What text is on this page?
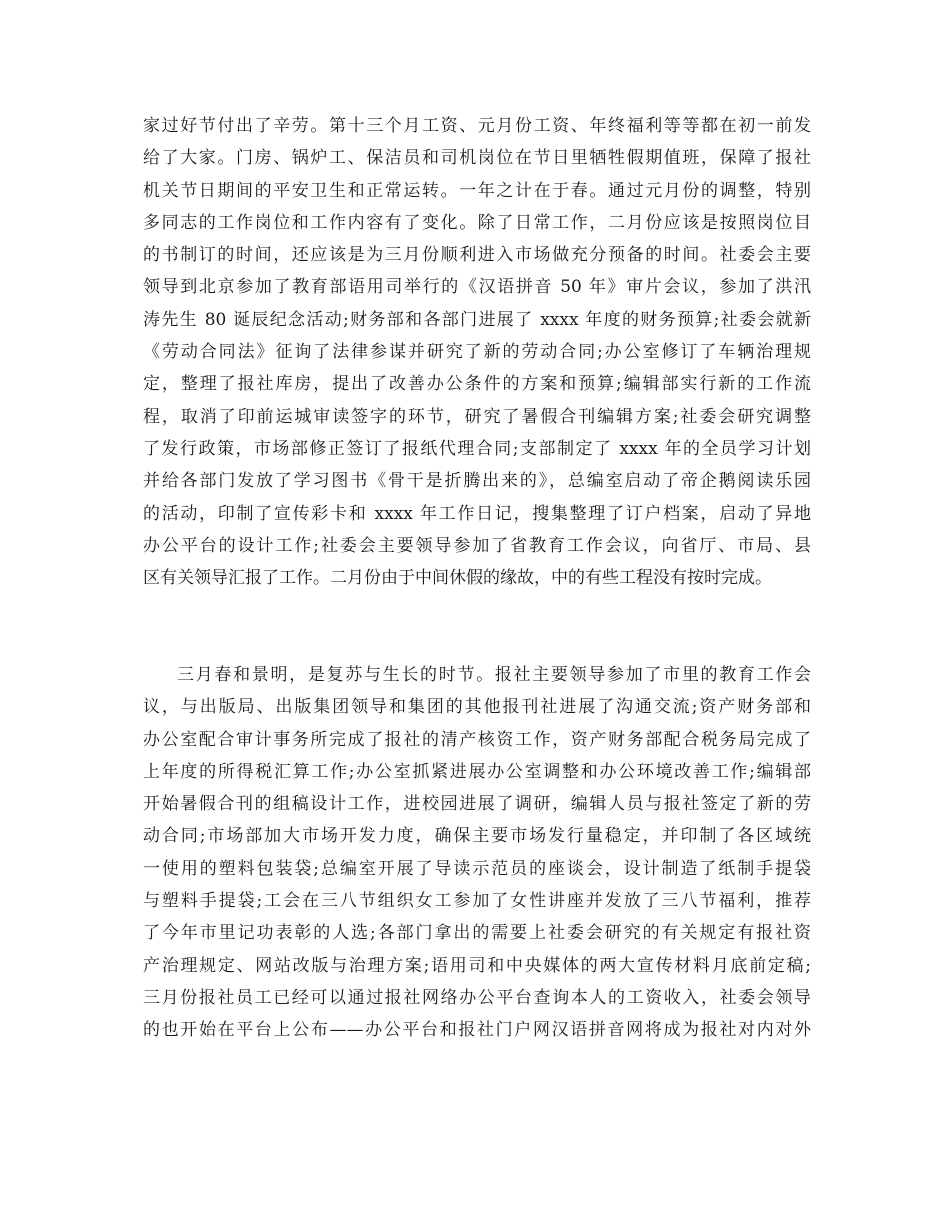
家过好节付出了辛劳。第十三个月工资、元月份工资、年终福利等等都在初一前发
给了大家。门房、锅炉工、保洁员和司机岗位在节日里牺牲假期值班，保障了报社
机关节日期间的平安卫生和正常运转。一年之计在于春。通过元月份的调整，特别
多同志的工作岗位和工作内容有了变化。除了日常工作，二月份应该是按照岗位目
的书制订的时间，还应该是为三月份顺利进入市场做充分预备的时间。社委会主要
领导到北京参加了教育部语用司举行的《汉语拼音 50 年》审片会议，参加了洪汛
涛先生 80 诞辰纪念活动;财务部和各部门进展了 xxxx 年度的财务预算;社委会就新
《劳动合同法》征询了法律参谋并研究了新的劳动合同;办公室修订了车辆治理规
定，整理了报社库房，提出了改善办公条件的方案和预算;编辑部实行新的工作流
程，取消了印前运城审读签字的环节，研究了暑假合刊编辑方案;社委会研究调整
了发行政策，市场部修正签订了报纸代理合同;支部制定了 xxxx 年的全员学习计划
并给各部门发放了学习图书《骨干是折腾出来的》，总编室启动了帝企鹅阅读乐园
的活动，印制了宣传彩卡和 xxxx 年工作日记，搜集整理了订户档案，启动了异地
办公平台的设计工作;社委会主要领导参加了省教育工作会议，向省厅、市局、县
区有关领导汇报了工作。二月份由于中间休假的缘故，中的有些工程没有按时完成。
三月春和景明，是复苏与生长的时节。报社主要领导参加了市里的教育工作会
议，与出版局、出版集团领导和集团的其他报刊社进展了沟通交流;资产财务部和
办公室配合审计事务所完成了报社的清产核资工作，资产财务部配合税务局完成了
上年度的所得税汇算工作;办公室抓紧进展办公室调整和办公环境改善工作;编辑部
开始暑假合刊的组稿设计工作，进校园进展了调研，编辑人员与报社签定了新的劳
动合同;市场部加大市场开发力度，确保主要市场发行量稳定，并印制了各区域统
一使用的塑料包装袋;总编室开展了导读示范员的座谈会，设计制造了纸制手提袋
与塑料手提袋;工会在三八节组织女工参加了女性讲座并发放了三八节福利，推荐
了今年市里记功表彰的人选;各部门拿出的需要上社委会研究的有关规定有报社资
产治理规定、网站改版与治理方案;语用司和中央媒体的两大宣传材料月底前定稿;
三月份报社员工已经可以通过报社网络办公平台查询本人的工资收入，社委会领导
的也开始在平台上公布——办公平台和报社门户网汉语拼音网将成为报社对内对外
